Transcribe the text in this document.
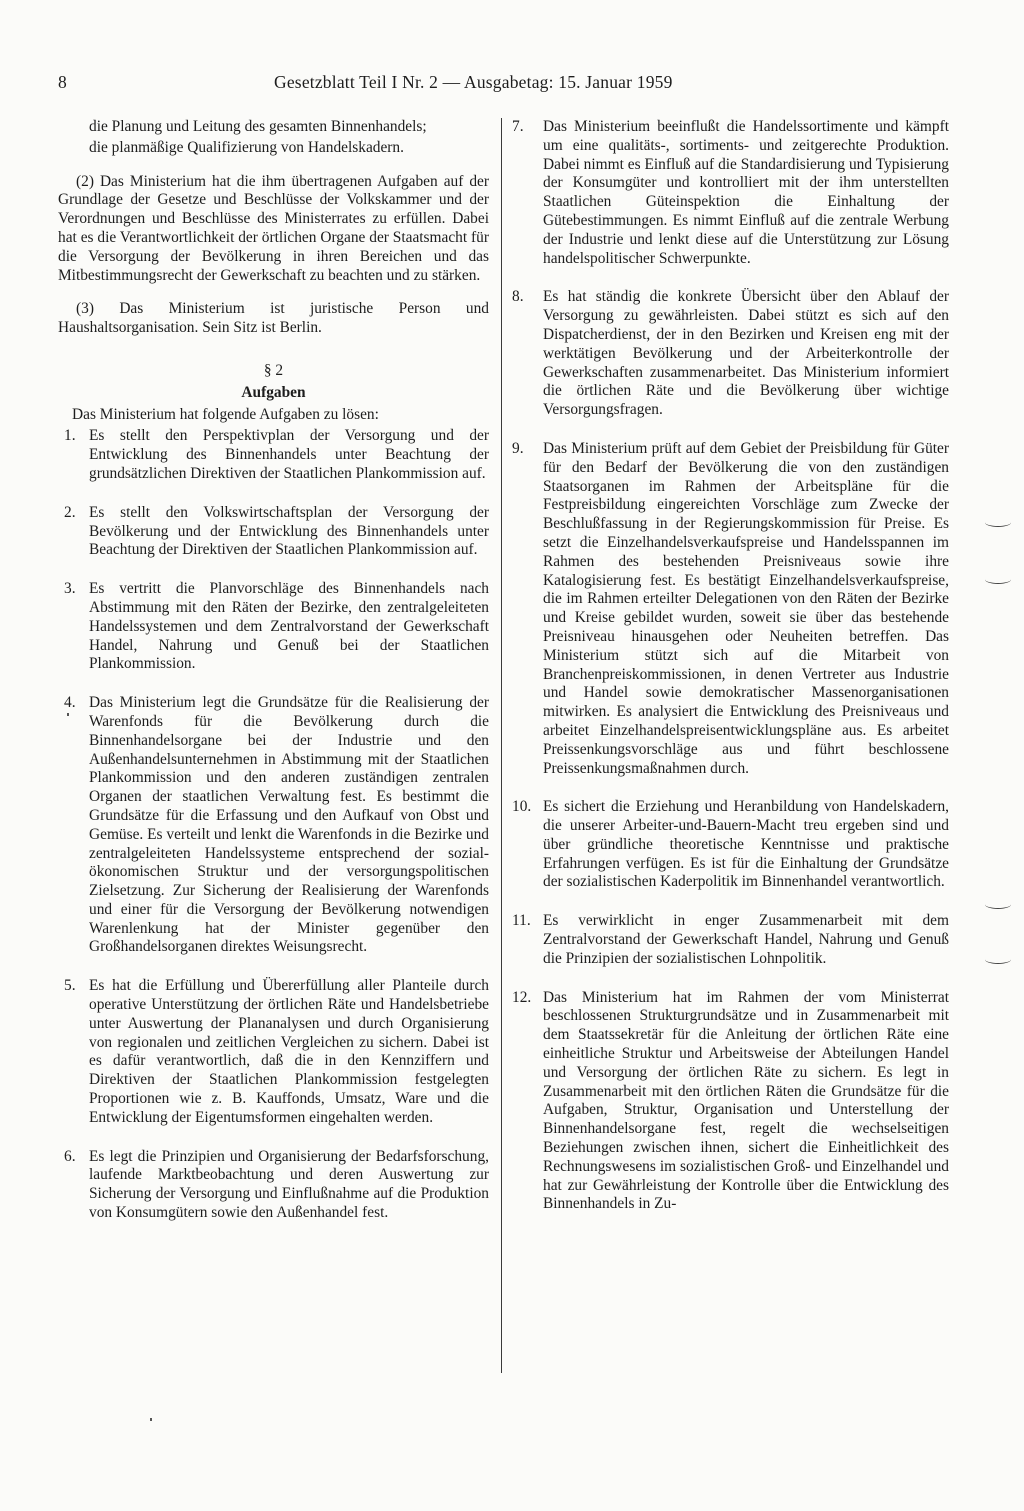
8	Gesetzblatt Teil I Nr. 2 — Ausgabetag: 15. Januar 1959

die Planung und Leitung des gesamten Binnenhandels;

die planmäßige Qualifizierung von Handelskadern.

(2) Das Ministerium hat die ihm übertragenen Aufgaben auf der Grundlage der Gesetze und Beschlüsse der Volkskammer und der Verordnungen und Beschlüsse des Ministerrates zu erfüllen. Dabei hat es die Verantwortlichkeit der örtlichen Organe der Staatsmacht für die Versorgung der Bevölkerung in ihren Bereichen und das Mitbestimmungsrecht der Gewerkschaft zu beachten und zu stärken.

(3) Das Ministerium ist juristische Person und Haushaltsorganisation. Sein Sitz ist Berlin.

§ 2

Aufgaben

Das Ministerium hat folgende Aufgaben zu lösen:

1. Es stellt den Perspektivplan der Versorgung und der Entwicklung des Binnenhandels unter Beachtung der grundsätzlichen Direktiven der Staatlichen Plankommission auf.

2. Es stellt den Volkswirtschaftsplan der Versorgung der Bevölkerung und der Entwicklung des Binnenhandels unter Beachtung der Direktiven der Staatlichen Plankommission auf.

3. Es vertritt die Planvorschläge des Binnenhandels nach Abstimmung mit den Räten der Bezirke, den zentralgeleiteten Handelssystemen und dem Zentralvorstand der Gewerkschaft Handel, Nahrung und Genuß bei der Staatlichen Plankommission.

4. Das Ministerium legt die Grundsätze für die Realisierung der Warenfonds für die Bevölkerung durch die Binnenhandelsorgane bei der Industrie und den Außenhandelsunternehmen in Abstimmung mit der Staatlichen Plankommission und den anderen zuständigen zentralen Organen der staatlichen Verwaltung fest. Es bestimmt die Grundsätze für die Erfassung und den Aufkauf von Obst und Gemüse. Es verteilt und lenkt die Warenfonds in die Bezirke und zentralgeleiteten Handelssysteme entsprechend der sozial-ökonomischen Struktur und der versorgungspolitischen Zielsetzung. Zur Sicherung der Realisierung der Warenfonds und einer für die Versorgung der Bevölkerung notwendigen Warenlenkung hat der Minister gegenüber den Großhandelsorganen direktes Weisungsrecht.

5. Es hat die Erfüllung und Übererfüllung aller Planteile durch operative Unterstützung der örtlichen Räte und Handelsbetriebe unter Auswertung der Plananalysen und durch Organisierung von regionalen und zeitlichen Vergleichen zu sichern. Dabei ist es dafür verantwortlich, daß die in den Kennziffern und Direktiven der Staatlichen Plankommission festgelegten Proportionen wie z. B. Kauffonds, Umsatz, Ware und die Entwicklung der Eigentumsformen eingehalten werden.

6. Es legt die Prinzipien und Organisierung der Bedarfsforschung, laufende Marktbeobachtung und deren Auswertung zur Sicherung der Versorgung und Einflußnahme auf die Produktion von Konsumgütern sowie den Außenhandel fest.

7. Das Ministerium beeinflußt die Handelssortimente und kämpft um eine qualitäts-, sortiments- und zeitgerechte Produktion. Dabei nimmt es Einfluß auf die Standardisierung und Typisierung der Konsumgüter und kontrolliert mit der ihm unterstellten Staatlichen Güteinspektion die Einhaltung der Gütebestimmungen. Es nimmt Einfluß auf die zentrale Werbung der Industrie und lenkt diese auf die Unterstützung zur Lösung handelspolitischer Schwerpunkte.

8. Es hat ständig die konkrete Übersicht über den Ablauf der Versorgung zu gewährleisten. Dabei stützt es sich auf den Dispatcherdienst, der in den Bezirken und Kreisen eng mit der werktätigen Bevölkerung und der Arbeiterkontrolle der Gewerkschaften zusammenarbeitet. Das Ministerium informiert die örtlichen Räte und die Bevölkerung über wichtige Versorgungsfragen.

9. Das Ministerium prüft auf dem Gebiet der Preisbildung für Güter für den Bedarf der Bevölkerung die von den zuständigen Staatsorganen im Rahmen der Arbeitspläne für die Festpreisbildung eingereichten Vorschläge zum Zwecke der Beschlußfassung in der Regierungskommission für Preise. Es setzt die Einzelhandelsverkaufspreise und Handelsspannen im Rahmen des bestehenden Preisniveaus sowie ihre Katalogisierung fest. Es bestätigt Einzelhandelsverkaufspreise, die im Rahmen erteilter Delegationen von den Räten der Bezirke und Kreise gebildet wurden, soweit sie über das bestehende Preisniveau hinausgehen oder Neuheiten betreffen. Das Ministerium stützt sich auf die Mitarbeit von Branchenpreiskommissionen, in denen Vertreter aus Industrie und Handel sowie demokratischer Massenorganisationen mitwirken. Es analysiert die Entwicklung des Preisniveaus und arbeitet Einzelhandelspreisentwicklungspläne aus. Es arbeitet Preissenkungsvorschläge aus und führt beschlossene Preissenkungsmaßnahmen durch.

10. Es sichert die Erziehung und Heranbildung von Handelskadern, die unserer Arbeiter-und-Bauern-Macht treu ergeben sind und über gründliche theoretische Kenntnisse und praktische Erfahrungen verfügen. Es ist für die Einhaltung der Grundsätze der sozialistischen Kaderpolitik im Binnenhandel verantwortlich.

11. Es verwirklicht in enger Zusammenarbeit mit dem Zentralvorstand der Gewerkschaft Handel, Nahrung und Genuß die Prinzipien der sozialistischen Lohnpolitik.

12. Das Ministerium hat im Rahmen der vom Ministerrat beschlossenen Strukturgrundsätze und in Zusammenarbeit mit dem Staatssekretär für die Anleitung der örtlichen Räte eine einheitliche Struktur und Arbeitsweise der Abteilungen Handel und Versorgung der örtlichen Räte zu sichern. Es legt in Zusammenarbeit mit den örtlichen Räten die Grundsätze für die Aufgaben, Struktur, Organisation und Unterstellung der Binnenhandelsorgane fest, regelt die wechselseitigen Beziehungen zwischen ihnen, sichert die Einheitlichkeit des Rechnungswesens im sozialistischen Groß- und Einzelhandel und hat zur Gewährleistung der Kontrolle über die Entwicklung des Binnenhandels in Zu-
